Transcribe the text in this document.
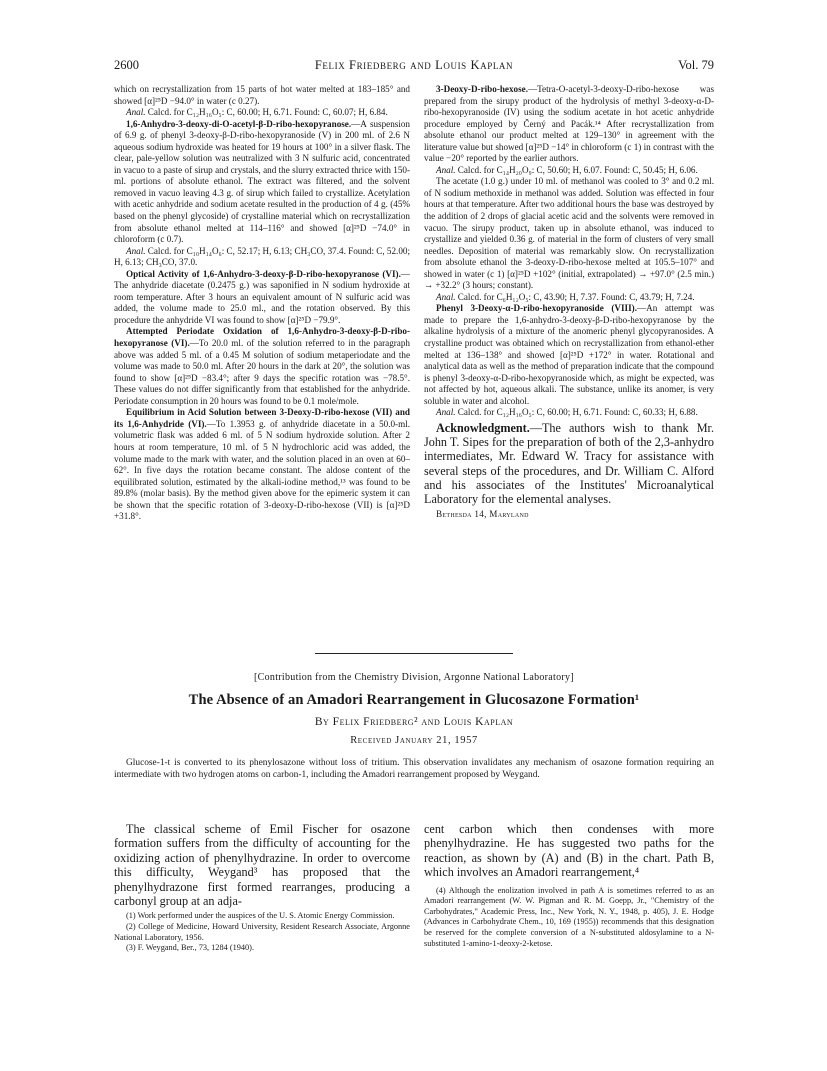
2600	Felix Friedberg and Louis Kaplan	Vol. 79

which on recrystallization from 15 parts of hot water melted at 183–185° and showed [α]²⁵D −94.0° in water (c 0.27).

Anal. Calcd. for C₁₂H₁₆O₅: C, 60.00; H, 6.71. Found: C, 60.07; H, 6.84.

1,6-Anhydro-3-deoxy-di-O-acetyl-β-D-ribo-hexopyranose.—A suspension of 6.9 g. of phenyl 3-deoxy-β-D-ribo-hexopyranoside (V) in 200 ml. of 2.6 N aqueous sodium hydroxide was heated for 19 hours at 100° in a silver flask. The clear, pale-yellow solution was neutralized with 3 N sulfuric acid, concentrated in vacuo to a paste of sirup and crystals, and the slurry extracted thrice with 150-ml. portions of absolute ethanol. The extract was filtered, and the solvent removed in vacuo leaving 4.3 g. of sirup which failed to crystallize. Acetylation with acetic anhydride and sodium acetate resulted in the production of 4 g. (45% based on the phenyl glycoside) of crystalline material which on recrystallization from absolute ethanol melted at 114–116° and showed [α]²⁵D −74.0° in chloroform (c 0.7).

Anal. Calcd. for C₁₀H₁₄O₆: C, 52.17; H, 6.13; CH₃CO, 37.4. Found: C, 52.00; H, 6.13; CH₃CO, 37.0.

Optical Activity of 1,6-Anhydro-3-deoxy-β-D-ribo-hexopyranose (VI).—The anhydride diacetate (0.2475 g.) was saponified in N sodium hydroxide at room temperature. After 3 hours an equivalent amount of N sulfuric acid was added, the volume made to 25.0 ml., and the rotation observed. By this procedure the anhydride VI was found to show [α]²⁵D −79.9°.

Attempted Periodate Oxidation of 1,6-Anhydro-3-deoxy-β-D-ribo-hexopyranose (VI).—To 20.0 ml. of the solution referred to in the paragraph above was added 5 ml. of a 0.45 M solution of sodium metaperiodate and the volume was made to 50.0 ml. After 20 hours in the dark at 20°, the solution was found to show [α]²⁵D −83.4°; after 9 days the specific rotation was −78.5°. These values do not differ significantly from that established for the anhydride. Periodate consumption in 20 hours was found to be 0.1 mole/mole.

Equilibrium in Acid Solution between 3-Deoxy-D-ribo-hexose (VII) and its 1,6-Anhydride (VI).—To 1.3953 g. of anhydride diacetate in a 50.0-ml. volumetric flask was added 6 ml. of 5 N sodium hydroxide solution. After 2 hours at room temperature, 10 ml. of 5 N hydrochloric acid was added, the volume made to the mark with water, and the solution placed in an oven at 60–62°. In five days the rotation became constant. The aldose content of the equilibrated solution, estimated by the alkali-iodine method,¹³ was found to be 89.8% (molar basis). By the method given above for the epimeric system it can be shown that the specific rotation of 3-deoxy-D-ribo-hexose (VII) is [α]²⁵D +31.8°.

3-Deoxy-D-ribo-hexose.—Tetra-O-acetyl-3-deoxy-D-ribo-hexose was prepared from the sirupy product of the hydrolysis of methyl 3-deoxy-α-D-ribo-hexopyranoside (IV) using the sodium acetate in hot acetic anhydride procedure employed by Černý and Pacák.¹⁴ After recrystallization from absolute ethanol our product melted at 129–130° in agreement with the literature value but showed [α]²⁵D −14° in chloroform (c 1) in contrast with the value −20° reported by the earlier authors.

Anal. Calcd. for C₁₄H₂₀O₉: C, 50.60; H, 6.07. Found: C, 50.45; H, 6.06.

The acetate (1.0 g.) under 10 ml. of methanol was cooled to 3° and 0.2 ml. of N sodium methoxide in methanol was added. Solution was effected in four hours at that temperature. After two additional hours the base was destroyed by the addition of 2 drops of glacial acetic acid and the solvents were removed in vacuo. The sirupy product, taken up in absolute ethanol, was induced to crystallize and yielded 0.36 g. of material in the form of clusters of very small needles. Deposition of material was remarkably slow. On recrystallization from absolute ethanol the 3-deoxy-D-ribo-hexose melted at 105.5–107° and showed in water (c 1) [α]²⁵D +102° (initial, extrapolated) → +97.0° (2.5 min.) → +32.2° (3 hours; constant).

Anal. Calcd. for C₆H₁₂O₅: C, 43.90; H, 7.37. Found: C, 43.79; H, 7.24.

Phenyl 3-Deoxy-α-D-ribo-hexopyranoside (VIII).—An attempt was made to prepare the 1,6-anhydro-3-deoxy-β-D-ribo-hexopyranose by the alkaline hydrolysis of a mixture of the anomeric phenyl glycopyranosides. A crystalline product was obtained which on recrystallization from ethanol-ether melted at 136–138° and showed [α]²⁵D +172° in water. Rotational and analytical data as well as the method of preparation indicate that the compound is phenyl 3-deoxy-α-D-ribo-hexopyranoside which, as might be expected, was not affected by hot, aqueous alkali. The substance, unlike its anomer, is very soluble in water and alcohol.

Anal. Calcd. for C₁₂H₁₆O₅: C, 60.00; H, 6.71. Found: C, 60.33; H, 6.88.

Acknowledgment.—The authors wish to thank Mr. John T. Sipes for the preparation of both of the 2,3-anhydro intermediates, Mr. Edward W. Tracy for assistance with several steps of the procedures, and Dr. William C. Alford and his associates of the Institutes' Microanalytical Laboratory for the elemental analyses.

Bethesda 14, Maryland

[Contribution from the Chemistry Division, Argonne National Laboratory]
The Absence of an Amadori Rearrangement in Glucosazone Formation¹
By Felix Friedberg² and Louis Kaplan
Received January 21, 1957
Glucose-1-t is converted to its phenylosazone without loss of tritium. This observation invalidates any mechanism of osazone formation requiring an intermediate with two hydrogen atoms on carbon-1, including the Amadori rearrangement proposed by Weygand.

The classical scheme of Emil Fischer for osazone formation suffers from the difficulty of accounting for the oxidizing action of phenylhydrazine. In order to overcome this difficulty, Weygand³ has proposed that the phenylhydrazone first formed rearranges, producing a carbonyl group at an adja-

(1) Work performed under the auspices of the U. S. Atomic Energy Commission.

(2) College of Medicine, Howard University, Resident Research Associate, Argonne National Laboratory, 1956.

(3) F. Weygand, Ber., 73, 1284 (1940).

cent carbon which then condenses with more phenylhydrazine. He has suggested two paths for the reaction, as shown by (A) and (B) in the chart. Path B, which involves an Amadori rearrangement,⁴

(4) Although the enolization involved in path A is sometimes referred to as an Amadori rearrangement (W. W. Pigman and R. M. Goepp, Jr., "Chemistry of the Carbohydrates," Academic Press, Inc., New York, N. Y., 1948, p. 405), J. E. Hodge (Advances in Carbohydrate Chem., 10, 169 (1955)) recommends that this designation be reserved for the complete conversion of a N-substituted aldosylamine to a N-substituted 1-amino-1-deoxy-2-ketose.
